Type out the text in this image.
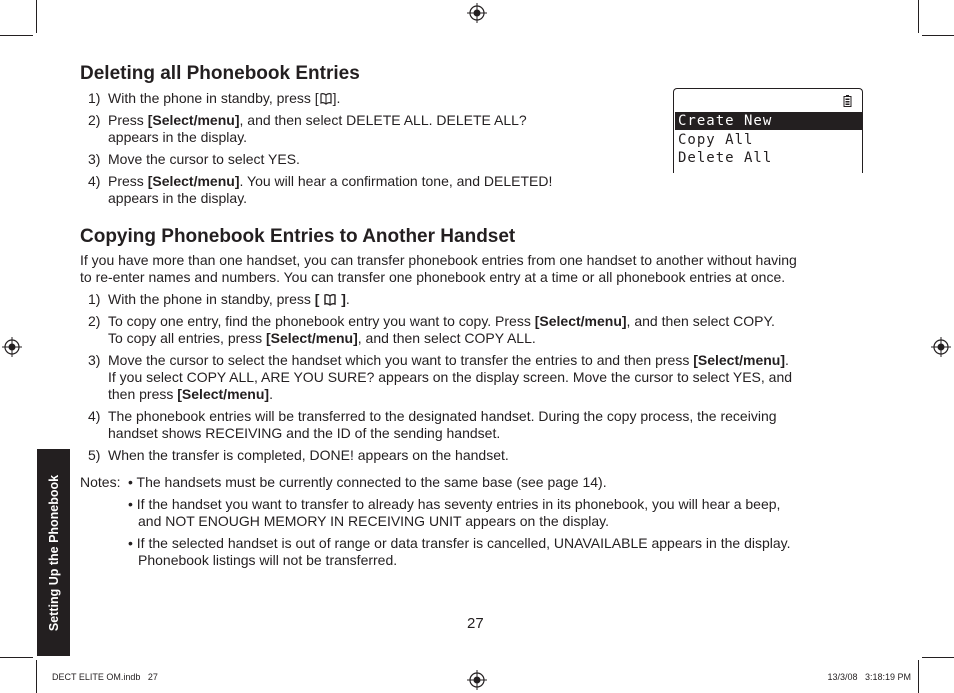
Deleting all Phonebook Entries
1) With the phone in standby, press [ ].
2) Press [Select/menu], and then select DELETE ALL. DELETE ALL?
appears in the display.
3) Move the cursor to select YES.
4) Press [Select/menu]. You will hear a confirmation tone, and DELETED!
appears in the display.
Create New
Copy All
Delete All
Copying Phonebook Entries to Another Handset
If you have more than one handset, you can transfer phonebook entries from one handset to another without having
to re-enter names and numbers. You can transfer one phonebook entry at a time or all phonebook entries at once.
1) With the phone in standby, press [ ].
2) To copy one entry, find the phonebook entry you want to copy. Press [Select/menu], and then select COPY.
To copy all entries, press [Select/menu], and then select COPY ALL.
3) Move the cursor to select the handset which you want to transfer the entries to and then press [Select/menu].
If you select COPY ALL, ARE YOU SURE? appears on the display screen. Move the cursor to select YES, and
then press [Select/menu].
4) The phonebook entries will be transferred to the designated handset. During the copy process, the receiving
handset shows RECEIVING and the ID of the sending handset.
5) When the transfer is completed, DONE! appears on the handset.
Notes: • The handsets must be currently connected to the same base (see page 14).
• If the handset you want to transfer to already has seventy entries in its phonebook, you will hear a beep,
and NOT ENOUGH MEMORY IN RECEIVING UNIT appears on the display.
• If the selected handset is out of range or data transfer is cancelled, UNAVAILABLE appears in the display.
Phonebook listings will not be transferred.
Setting Up the Phonebook	27
DECT ELITE OM.indb   27	13/3/08   3:18:19 PM
